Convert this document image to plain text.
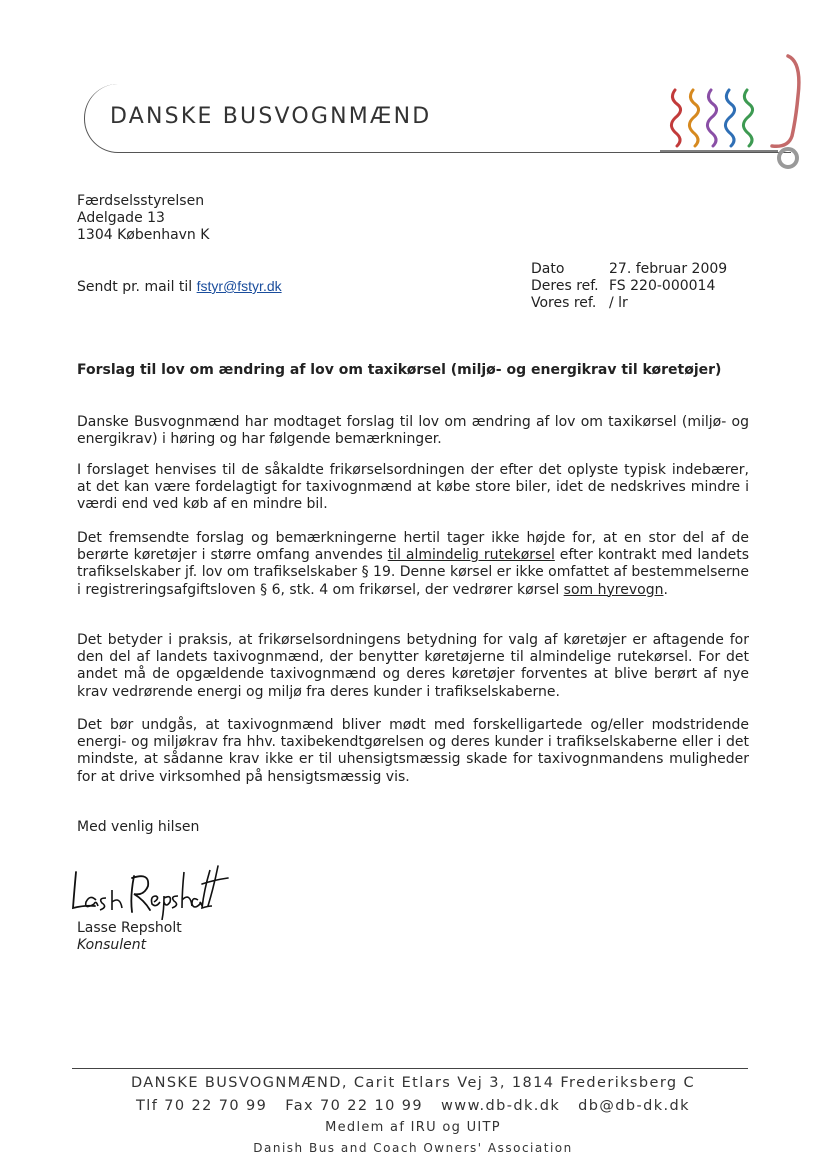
DANSKE BUSVOGNMÆND
Færdselsstyrelsen
Adelgade 13
1304 København K
Sendt pr. mail til fstyr@fstyr.dk
Dato	27. februar 2009
Deres ref. FS 220-000014
Vores ref. / lr
Forslag til lov om ændring af lov om taxikørsel (miljø- og energikrav til køretøjer)
Danske Busvognmænd har modtaget forslag til lov om ændring af lov om taxikørsel (miljø- og energikrav) i høring og har følgende bemærkninger.
I forslaget henvises til de såkaldte frikørselsordningen der efter det oplyste typisk indebærer, at det kan være fordelagtigt for taxivognmænd at købe store biler, idet de nedskrives mindre i værdi end ved køb af en mindre bil.
Det fremsendte forslag og bemærkningerne hertil tager ikke højde for, at en stor del af de berørte køretøjer i større omfang anvendes til almindelig rutekørsel efter kontrakt med landets trafikselskaber jf. lov om trafikselskaber § 19. Denne kørsel er ikke omfattet af bestemmelserne i registreringsafgiftsloven § 6, stk. 4 om frikørsel, der vedrører kørsel som hyrevogn.
Det betyder i praksis, at frikørselsordningens betydning for valg af køretøjer er aftagende for den del af landets taxivognmænd, der benytter køretøjerne til almindelige rutekørsel. For det andet må de opgældende taxivognmænd og deres køretøjer forventes at blive berørt af nye krav vedrørende energi og miljø fra deres kunder i trafikselskaberne.
Det bør undgås, at taxivognmænd bliver mødt med forskelligartede og/eller modstridende energi- og miljøkrav fra hhv. taxibekendtgørelsen og deres kunder i trafikselskaberne eller i det mindste, at sådanne krav ikke er til uhensigtsmæssig skade for taxivognmandens muligheder for at drive virksomhed på hensigtsmæssig vis.
Med venlig hilsen
Lasse Repsholt
Konsulent
DANSKE BUSVOGNMÆND, Carit Etlars Vej 3, 1814 Frederiksberg C
Tlf 70 22 70 99   Fax 70 22 10 99   www.db-dk.dk   db@db-dk.dk
Medlem af IRU og UITP
Danish Bus and Coach Owners' Association
